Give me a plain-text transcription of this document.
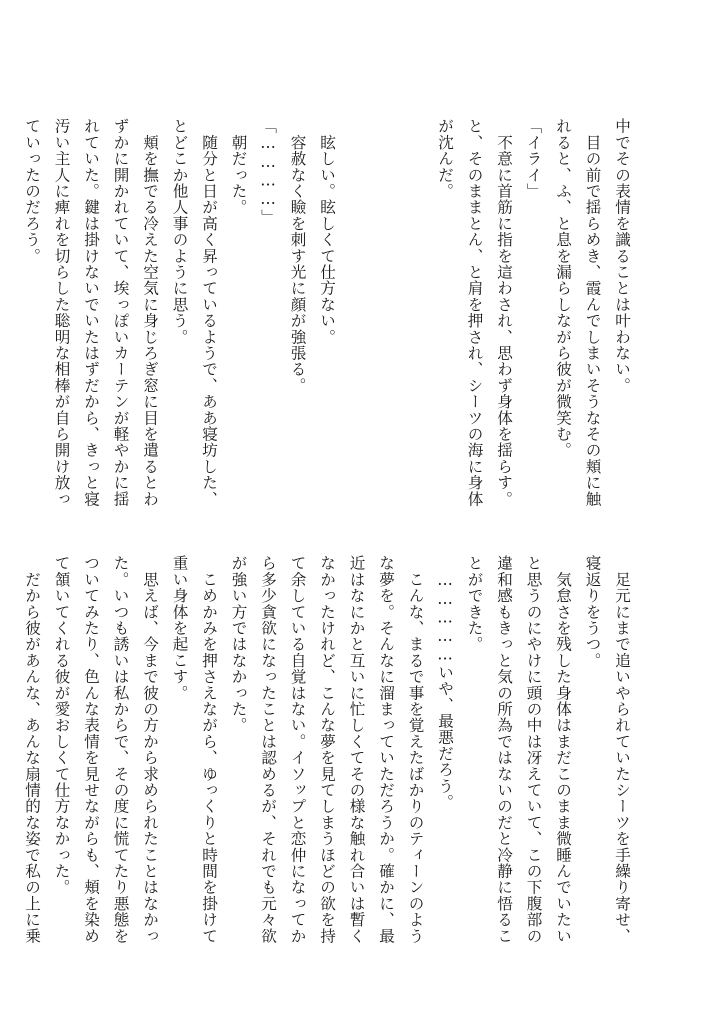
中でその表情を識ることは叶わない。
　目の前で揺らめき、霞んでしまいそうなその頬に触
れると、ふ、と息を漏らしながら彼が微笑む。
「イライ」
　不意に首筋に指を這わされ、思わず身体を揺らす。
と、そのままとん、と肩を押され、シーツの海に身体
が沈んだ。
　眩しい。眩しくて仕方ない。
　容赦なく瞼を刺す光に顔が強張る。
「…………」
　朝だった。
　随分と日が高く昇っているようで、ああ寝坊した、
とどこか他人事のように思う。
　頬を撫でる冷えた空気に身じろぎ窓に目を遣るとわ
ずかに開かれていて、埃っぽいカーテンが軽やかに揺
れていた。鍵は掛けないでいたはずだから、きっと寝
汚い主人に痺れを切らした聡明な相棒が自ら開け放っ
ていったのだろう。
　足元にまで追いやられていたシーツを手繰り寄せ、
寝返りをうつ。
　気怠さを残した身体はまだこのまま微睡んでいたい
と思うのにやけに頭の中は冴えていて、この下腹部の
違和感もきっと気の所為ではないのだと冷静に悟るこ
とができた。
　……………いや、最悪だろう。
　こんな、まるで事を覚えたばかりのティーンのよう
な夢を。そんなに溜まっていただろうか。確かに、最
近はなにかと互いに忙しくてその様な触れ合いは暫く
なかったけれど、こんな夢を見てしまうほどの欲を持
て余している自覚はない。イソップと恋仲になってか
ら多少貪欲になったことは認めるが、それでも元々欲
が強い方ではなかった。
　こめかみを押さえながら、ゆっくりと時間を掛けて
重い身体を起こす。
　思えば、今まで彼の方から求められたことはなかっ
た。いつも誘いは私からで、その度に慌てたり悪態を
ついてみたり、色んな表情を見せながらも、頬を染め
て頷いてくれる彼が愛おしくて仕方なかった。
　だから彼があんな、あんな扇情的な姿で私の上に乗
